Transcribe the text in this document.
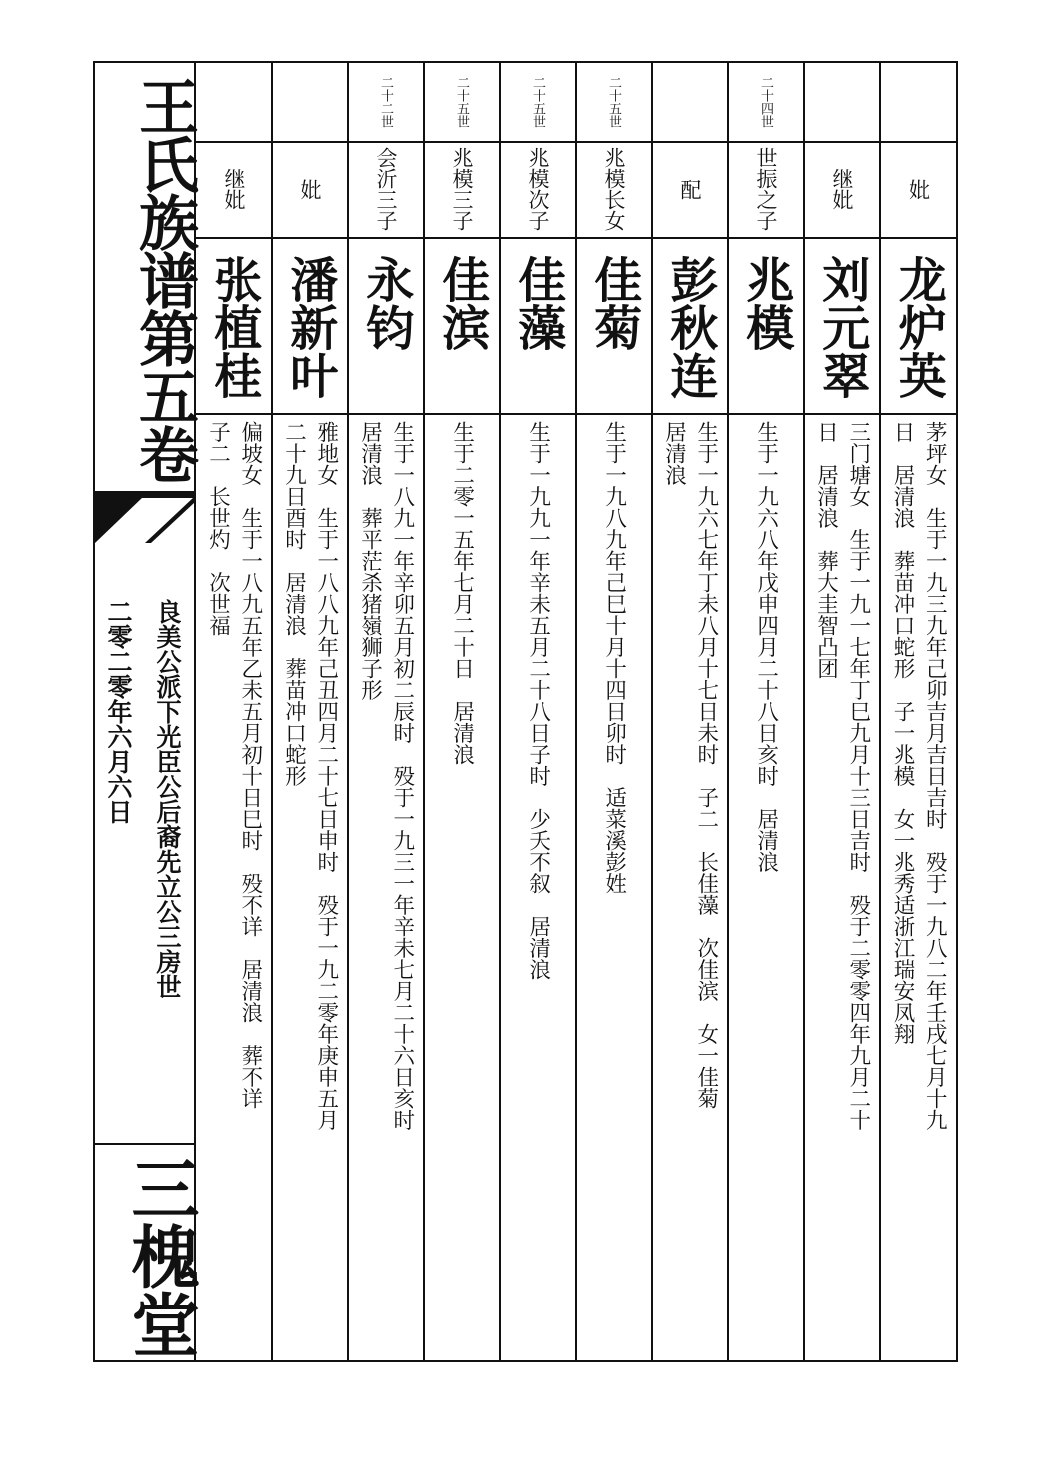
王氏族谱第五卷
良美公派下光臣公后裔先立公三房世
二零二零年六月六日
三槐堂
继妣
张植桂
偏坡女　生于一八九五年乙未五月初十日巳时　殁不详　居清浪　葬不详
子二　长世灼　次世福
妣
潘新叶
雅地女　生于一八八九年己丑四月二十七日申时　殁于一九二零年庚申五月
二十九日酉时　居清浪　葬苗冲口蛇形
二十二世
会沂三子
永钧
生于一八九一年辛卯五月初二辰时　殁于一九三一年辛未七月二十六日亥时
居清浪　葬平茫杀猪嶺狮子形
二十五世
兆模三子
佳滨
生于二零一五年七月二十日　居清浪
二十五世
兆模次子
佳藻
生于一九九一年辛未五月二十八日子时　少夭不叙　居清浪
二十五世
兆模长女
佳菊
生于一九八九年己巳十月十四日卯时　适菜溪彭姓
配
彭秋连
生于一九六七年丁未八月十七日未时　子二　长佳藻　次佳滨　女一佳菊
居清浪
二十四世
世振之子
兆模
生于一九六八年戊申四月二十八日亥时　居清浪
继妣
刘元翠
三门塘女　生于一九一七年丁巳九月十三日吉时　殁于二零零四年九月二十
日　居清浪　葬大圭智凸团
妣
龙炉英
茅坪女　生于一九三九年己卯吉月吉日吉时　殁于一九八二年壬戌七月十九
日　居清浪　葬苗冲口蛇形　子一兆模　女一兆秀适浙江瑞安凤翔
